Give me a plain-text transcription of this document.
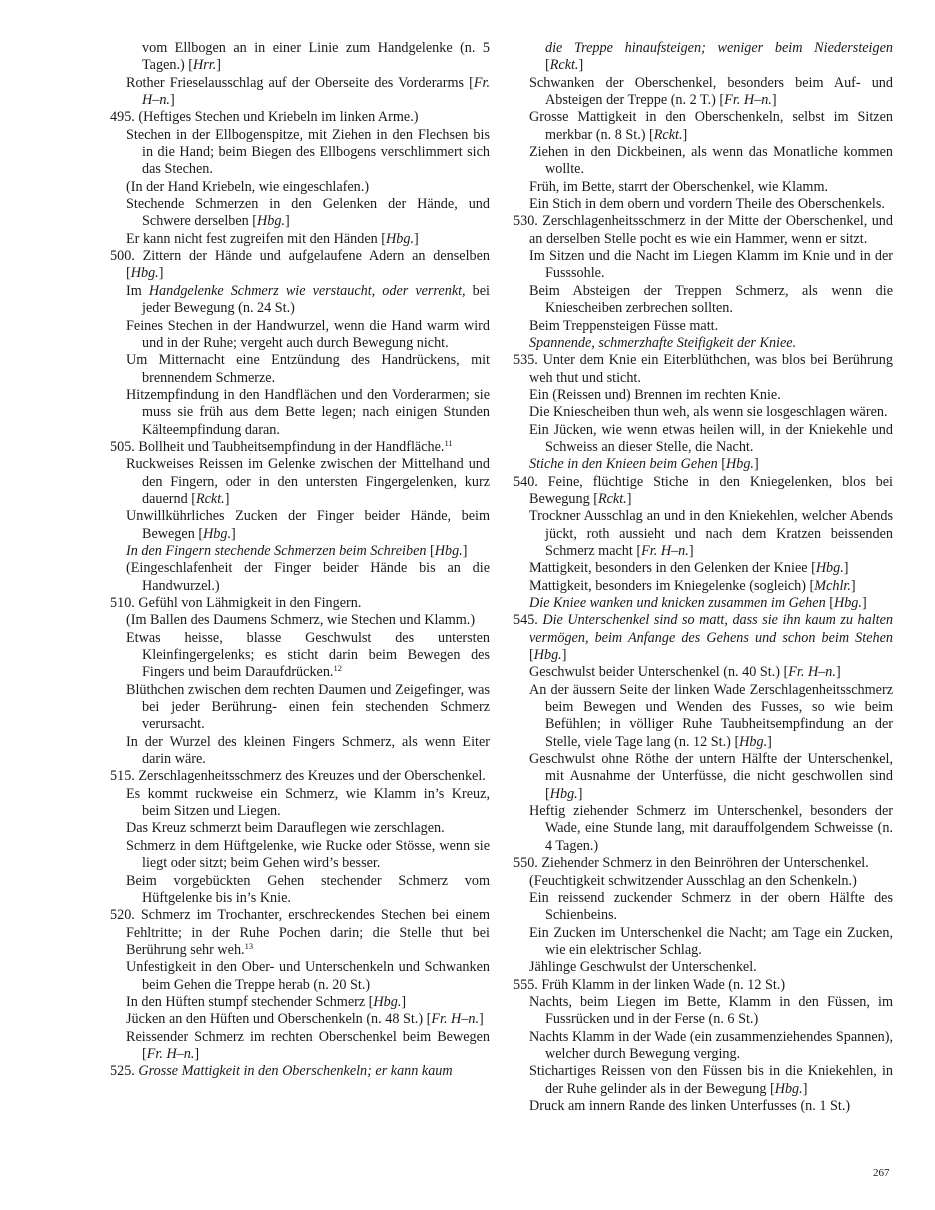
vom Ellbogen an in einer Linie zum Handgelenke (n. 5 Tagen.) [Hrr.]
Rother Frieselausschlag auf der Oberseite des Vorderarms [Fr. H–n.]
495. (Heftiges Stechen und Kriebeln im linken Arme.)
Stechen in der Ellbogenspitze, mit Ziehen in den Flechsen bis in die Hand; beim Biegen des Ellbogens verschlimmert sich das Stechen.
(In der Hand Kriebeln, wie eingeschlafen.)
Stechende Schmerzen in den Gelenken der Hände, und Schwere derselben [Hbg.]
Er kann nicht fest zugreifen mit den Händen [Hbg.]
500. Zittern der Hände und aufgelaufene Adern an denselben [Hbg.]
Im Handgelenke Schmerz wie verstaucht, oder verrenkt, bei jeder Bewegung (n. 24 St.)
Feines Stechen in der Handwurzel, wenn die Hand warm wird und in der Ruhe; vergeht auch durch Bewegung nicht.
Um Mitternacht eine Entzündung des Handrückens, mit brennendem Schmerze.
Hitzempfindung in den Handflächen und den Vorderarmen; sie muss sie früh aus dem Bette legen; nach einigen Stunden Kälteempfindung daran.
505. Bollheit und Taubheitsempfindung in der Handfläche.$^{11}$
Ruckweises Reissen im Gelenke zwischen der Mittelhand und den Fingern, oder in den untersten Fingergelenken, kurz dauernd [Rckt.]
Unwillkührliches Zucken der Finger beider Hände, beim Bewegen [Hbg.]
In den Fingern stechende Schmerzen beim Schreiben [Hbg.]
(Eingeschlafenheit der Finger beider Hände bis an die Handwurzel.)
510. Gefühl von Lähmigkeit in den Fingern.
(Im Ballen des Daumens Schmerz, wie Stechen und Klamm.)
Etwas heisse, blasse Geschwulst des untersten Kleinfingergelenks; es sticht darin beim Bewegen des Fingers und beim Daraufdrücken.$^{12}$
Blüthchen zwischen dem rechten Daumen und Zeigefinger, was bei jeder Berührung- einen fein stechenden Schmerz verursacht.
In der Wurzel des kleinen Fingers Schmerz, als wenn Eiter darin wäre.
515. Zerschlagenheitsschmerz des Kreuzes und der Oberschenkel.
Es kommt ruckweise ein Schmerz, wie Klamm in’s Kreuz, beim Sitzen und Liegen.
Das Kreuz schmerzt beim Darauflegen wie zerschlagen.
Schmerz in dem Hüftgelenke, wie Rucke oder Stösse, wenn sie liegt oder sitzt; beim Gehen wird’s besser.
Beim vorgebückten Gehen stechender Schmerz vom Hüftgelenke bis in’s Knie.
520. Schmerz im Trochanter, erschreckendes Stechen bei einem Fehltritte; in der Ruhe Pochen darin; die Stelle thut bei Berührung sehr weh.$^{13}$
Unfestigkeit in den Ober- und Unterschenkeln und Schwanken beim Gehen die Treppe herab (n. 20 St.)
In den Hüften stumpf stechender Schmerz [Hbg.]
Jücken an den Hüften und Oberschenkeln (n. 48 St.) [Fr. H–n.]
Reissender Schmerz im rechten Oberschenkel beim Bewegen [Fr. H–n.]
525. Grosse Mattigkeit in den Oberschenkeln; er kann kaum
die Treppe hinaufsteigen; weniger beim Niedersteigen [Rckt.]
Schwanken der Oberschenkel, besonders beim Auf- und Absteigen der Treppe (n. 2 T.) [Fr. H–n.]
Grosse Mattigkeit in den Oberschenkeln, selbst im Sitzen merkbar (n. 8 St.) [Rckt.]
Ziehen in den Dickbeinen, als wenn das Monatliche kommen wollte.
Früh, im Bette, starrt der Oberschenkel, wie Klamm.
Ein Stich in dem obern und vordern Theile des Oberschenkels.
530. Zerschlagenheitsschmerz in der Mitte der Oberschenkel, und an derselben Stelle pocht es wie ein Hammer, wenn er sitzt.
Im Sitzen und die Nacht im Liegen Klamm im Knie und in der Fusssohle.
Beim Absteigen der Treppen Schmerz, als wenn die Kniescheiben zerbrechen sollten.
Beim Treppensteigen Füsse matt.
Spannende, schmerzhafte Steifigkeit der Kniee.
535. Unter dem Knie ein Eiterblüthchen, was blos bei Berührung weh thut und sticht.
Ein (Reissen und) Brennen im rechten Knie.
Die Kniescheiben thun weh, als wenn sie losgeschlagen wären.
Ein Jücken, wie wenn etwas heilen will, in der Kniekehle und Schweiss an dieser Stelle, die Nacht.
Stiche in den Knieen beim Gehen [Hbg.]
540. Feine, flüchtige Stiche in den Kniegelenken, blos bei Bewegung [Rckt.]
Trockner Ausschlag an und in den Kniekehlen, welcher Abends jückt, roth aussieht und nach dem Kratzen beissenden Schmerz macht [Fr. H–n.]
Mattigkeit, besonders in den Gelenken der Kniee [Hbg.]
Mattigkeit, besonders im Kniegelenke (sogleich) [Mchlr.]
Die Kniee wanken und knicken zusammen im Gehen [Hbg.]
545. Die Unterschenkel sind so matt, dass sie ihn kaum zu halten vermögen, beim Anfange des Gehens und schon beim Stehen [Hbg.]
Geschwulst beider Unterschenkel (n. 40 St.) [Fr. H–n.]
An der äussern Seite der linken Wade Zerschlagenheitsschmerz beim Bewegen und Wenden des Fusses, so wie beim Befühlen; in völliger Ruhe Taubheitsempfindung an der Stelle, viele Tage lang (n. 12 St.) [Hbg.]
Geschwulst ohne Röthe der untern Hälfte der Unterschenkel, mit Ausnahme der Unterfüsse, die nicht geschwollen sind [Hbg.]
Heftig ziehender Schmerz im Unterschenkel, besonders der Wade, eine Stunde lang, mit darauffolgendem Schweisse (n. 4 Tagen.)
550. Ziehender Schmerz in den Beinröhren der Unterschenkel.
(Feuchtigkeit schwitzender Ausschlag an den Schenkeln.)
Ein reissend zuckender Schmerz in der obern Hälfte des Schienbeins.
Ein Zucken im Unterschenkel die Nacht; am Tage ein Zucken, wie ein elektrischer Schlag.
Jählinge Geschwulst der Unterschenkel.
555. Früh Klamm in der linken Wade (n. 12 St.)
Nachts, beim Liegen im Bette, Klamm in den Füssen, im Fussrücken und in der Ferse (n. 6 St.)
Nachts Klamm in der Wade (ein zusammenziehendes Spannen), welcher durch Bewegung verging.
Stichartiges Reissen von den Füssen bis in die Kniekehlen, in der Ruhe gelinder als in der Bewegung [Hbg.]
Druck am innern Rande des linken Unterfusses (n. 1 St.)
267
